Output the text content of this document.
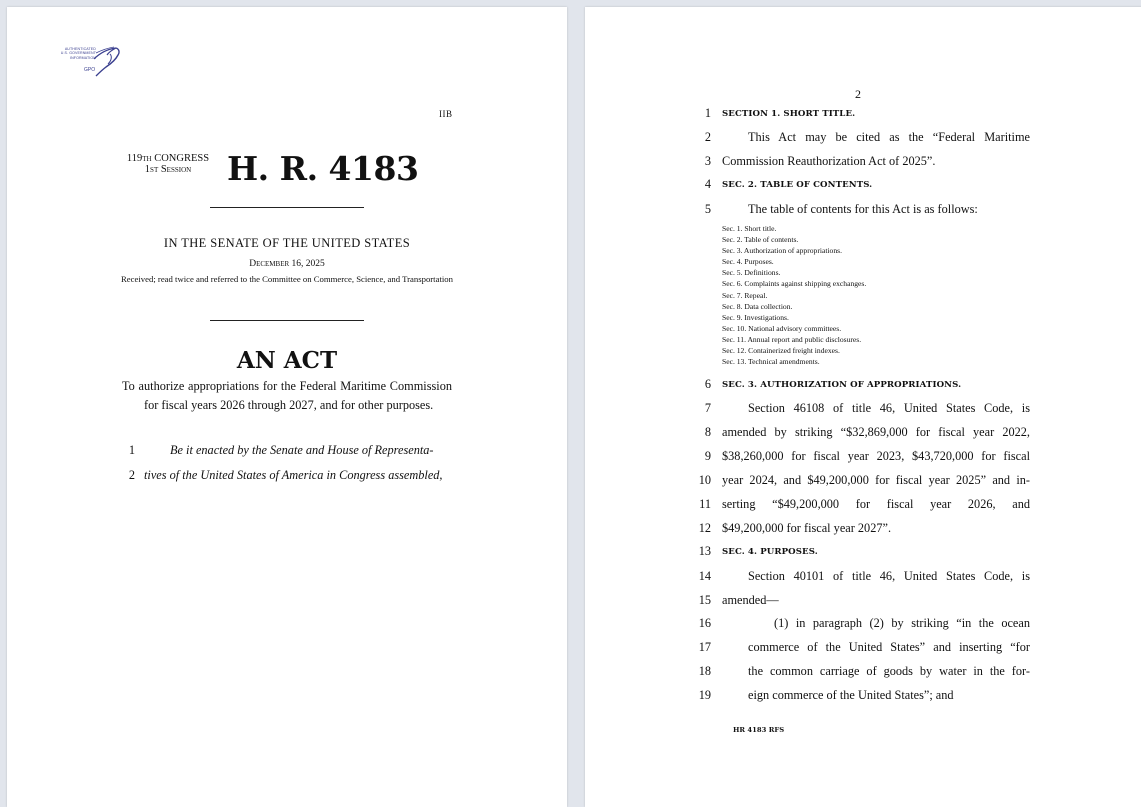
AUTHENTICATED
U.S. GOVERNMENT
INFORMATION
GPO
IIB
119th CONGRESS
1st Session	H. R. 4183
IN THE SENATE OF THE UNITED STATES
December 16, 2025
Received; read twice and referred to the Committee on Commerce, Science, and Transportation
AN ACT
To authorize appropriations for the Federal Maritime Commission for fiscal years 2026 through 2027, and for other purposes.
1	Be it enacted by the Senate and House of Representa-
2 tives of the United States of America in Congress assembled,
2
1 SECTION 1. SHORT TITLE.
2	This Act may be cited as the “Federal Maritime
3 Commission Reauthorization Act of 2025”.
4 SEC. 2. TABLE OF CONTENTS.
5	The table of contents for this Act is as follows:
6 SEC. 3. AUTHORIZATION OF APPROPRIATIONS.
7	Section 46108 of title 46, United States Code, is
8 amended by striking “$32,869,000 for fiscal year 2022,
9 $38,260,000 for fiscal year 2023, $43,720,000 for fiscal
10 year 2024, and $49,200,000 for fiscal year 2025” and in-
11 serting “$49,200,000 for fiscal year 2026, and
12 $49,200,000 for fiscal year 2027”.
13 SEC. 4. PURPOSES.
14	Section 40101 of title 46, United States Code, is
15 amended—
16	(1) in paragraph (2) by striking “in the ocean
17	commerce of the United States” and inserting “for
18	the common carriage of goods by water in the for-
19	eign commerce of the United States”; and
Sec. 1. Short title.
Sec. 2. Table of contents.
Sec. 3. Authorization of appropriations.
Sec. 4. Purposes.
Sec. 5. Definitions.
Sec. 6. Complaints against shipping exchanges.
Sec. 7. Repeal.
Sec. 8. Data collection.
Sec. 9. Investigations.
Sec. 10. National advisory committees.
Sec. 11. Annual report and public disclosures.
Sec. 12. Containerized freight indexes.
Sec. 13. Technical amendments.
HR 4183 RFS
